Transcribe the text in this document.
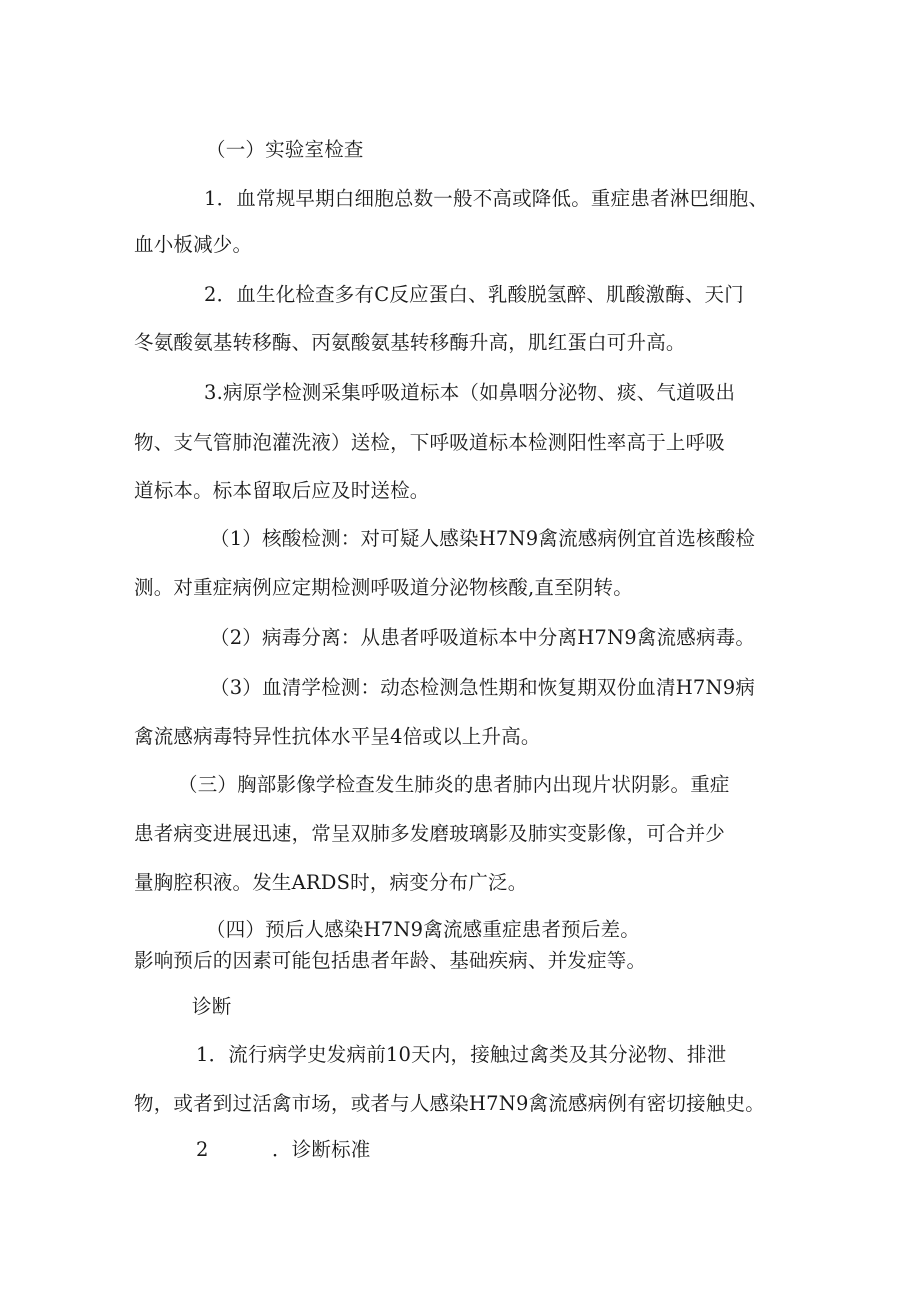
（一）实验室检查
1．血常规早期白细胞总数一般不高或降低。重症患者淋巴细胞、
血小板减少。
2．血生化检查多有C反应蛋白、乳酸脱氢醉、肌酸激酶、天门
冬氨酸氨基转移酶、丙氨酸氨基转移酶升高，肌红蛋白可升高。
3.病原学检测采集呼吸道标本（如鼻咽分泌物、痰、气道吸出
物、支气管肺泡灌洗液）送检，下呼吸道标本检测阳性率高于上呼吸
道标本。标本留取后应及时送检。
（1）核酸检测：对可疑人感染H7N9禽流感病例宜首选核酸检
测。对重症病例应定期检测呼吸道分泌物核酸,直至阴转。
（2）病毒分离：从患者呼吸道标本中分离H7N9禽流感病毒。
（3）血清学检测：动态检测急性期和恢复期双份血清H7N9病
禽流感病毒特异性抗体水平呈4倍或以上升高。
（三）胸部影像学检查发生肺炎的患者肺内出现片状阴影。重症
患者病变进展迅速，常呈双肺多发磨玻璃影及肺实变影像，可合并少
量胸腔积液。发生ARDS时，病变分布广泛。
（四）预后人感染H7N9禽流感重症患者预后差。
影响预后的因素可能包括患者年龄、基础疾病、并发症等。
诊断
1．流行病学史发病前10天内，接触过禽类及其分泌物、排泄
物，或者到过活禽市场，或者与人感染H7N9禽流感病例有密切接触史。
2	．诊断标准
